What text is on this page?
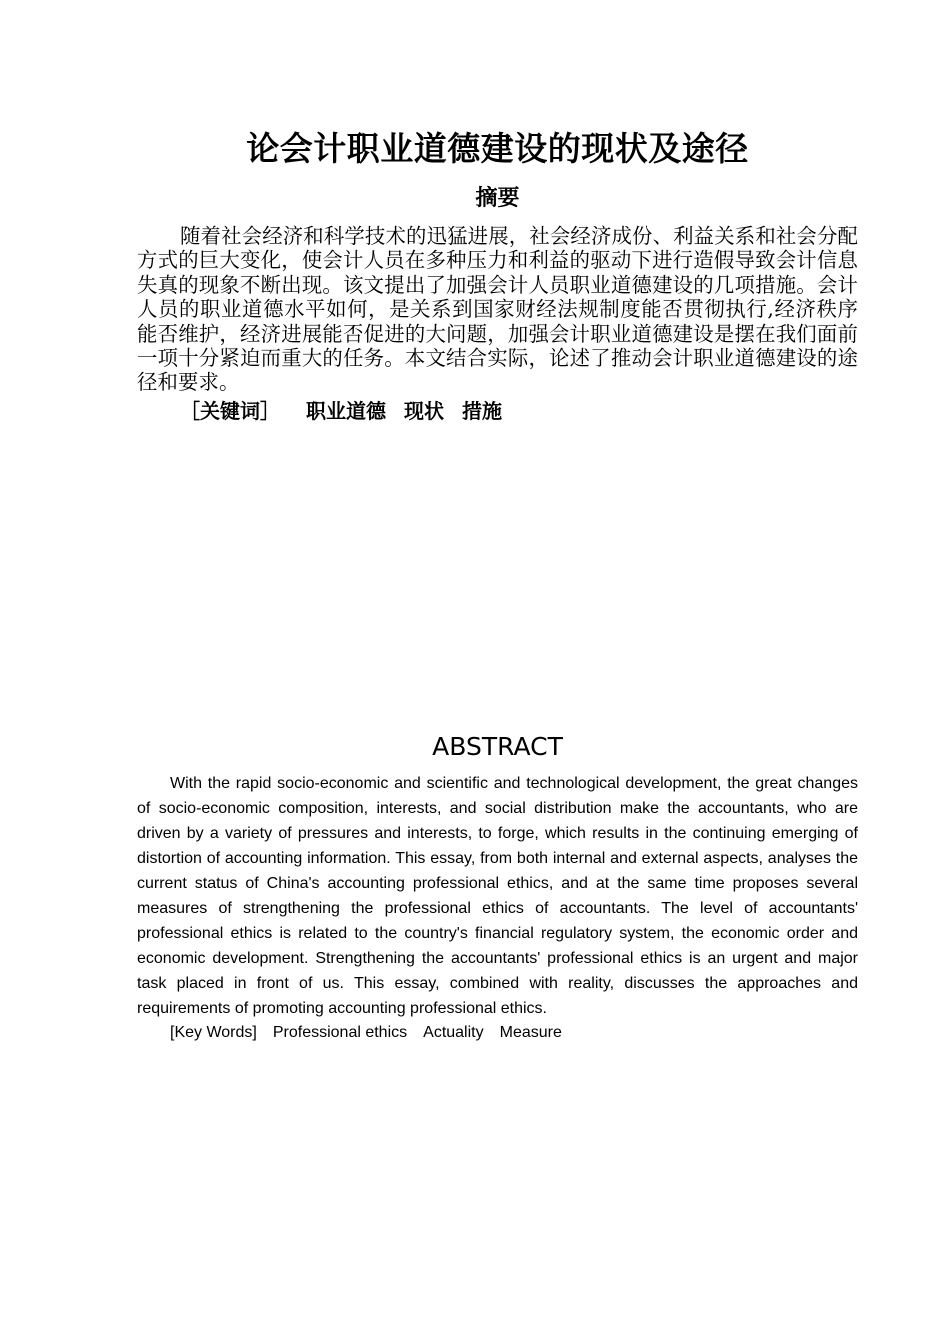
论会计职业道德建设的现状及途径
摘要

随着社会经济和科学技术的迅猛进展，社会经济成份、利益关系和社会分配方式的巨大变化，使会计人员在多种压力和利益的驱动下进行造假导致会计信息失真的现象不断出现。该文提出了加强会计人员职业道德建设的几项措施。会计人员的职业道德水平如何，是关系到国家财经法规制度能否贯彻执行,经济秩序能否维护，经济进展能否促进的大问题，加强会计职业道德建设是摆在我们面前一项十分紧迫而重大的任务。本文结合实际，论述了推动会计职业道德建设的途径和要求。

［关键词］ 职业道德 现状 措施

ABSTRACT

With the rapid socio-economic and scientific and technological development, the great changes of socio-economic composition, interests, and social distribution make the accountants, who are driven by a variety of pressures and interests, to forge, which results in the continuing emerging of distortion of accounting information. This essay, from both internal and external aspects, analyses the current status of China's accounting professional ethics, and at the same time proposes several measures of strengthening the professional ethics of accountants. The level of accountants' professional ethics is related to the country's financial regulatory system, the economic order and economic development. Strengthening the accountants' professional ethics is an urgent and major task placed in front of us. This essay, combined with reality, discusses the approaches and requirements of promoting accounting professional ethics.

[Key Words] Professional ethics Actuality Measure
